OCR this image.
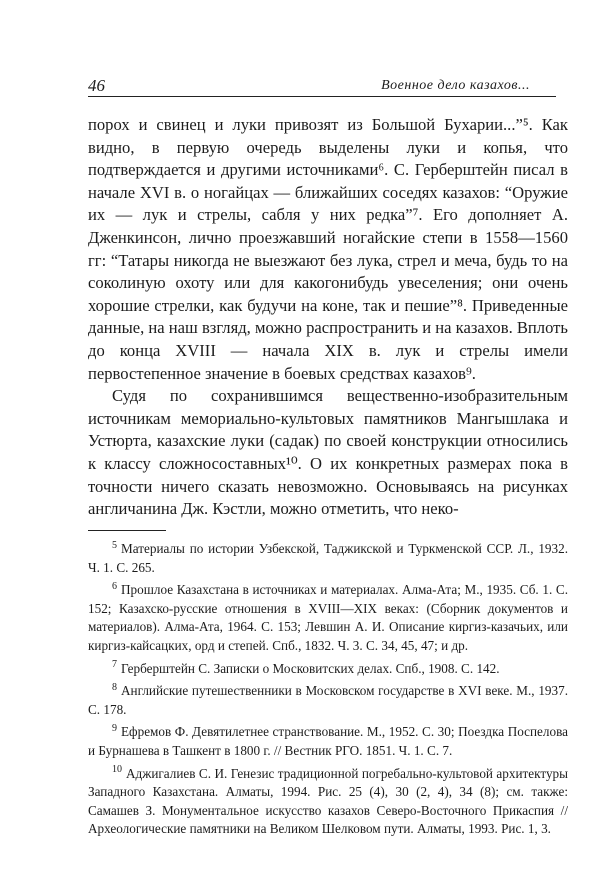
46	Военное дело казахов...

порох и свинец и луки привозят из Большой Бухарии...”⁵. Как видно, в первую очередь выделены луки и копья, что подтверждается и другими источниками⁶. С. Герберштейн писал в начале XVI в. о ногайцах — ближайших соседях казахов: “Оружие их — лук и стрелы, сабля у них редка”⁷. Его дополняет А. Дженкинсон, лично проезжавший ногайские степи в 1558—1560 гг: “Татары никогда не выезжают без лука, стрел и меча, будь то на соколиную охоту или для какогонибудь увеселения; они очень хорошие стрелки, как будучи на коне, так и пешие”⁸. Приведенные данные, на наш взгляд, можно распространить и на казахов. Вплоть до конца XVIII — начала XIX в. лук и стрелы имели первостепенное значение в боевых средствах казахов⁹.

Судя по сохранившимся вещественно-изобразительным источникам мемориально-культовых памятников Мангышлака и Устюрта, казахские луки (садак) по своей конструкции относились к классу сложносоставных¹⁰. О их конкретных размерах пока в точности ничего сказать невозможно. Основываясь на рисунках англичанина Дж. Кэстли, можно отметить, что неко-

$^5$ Материалы по истории Узбекской, Таджикской и Туркменской ССР. Л., 1932. Ч. 1. С. 265.

$^6$ Прошлое Казахстана в источниках и материалах. Алма-Ата; М., 1935. Сб. 1. С. 152; Казахско-русские отношения в XVIII—XIX веках: (Сборник документов и материалов). Алма-Ата, 1964. С. 153; Левшин А. И. Описание киргиз-казачьих, или киргиз-кайсацких, орд и степей. Спб., 1832. Ч. 3. С. 34, 45, 47; и др.

$^7$ Герберштейн С. Записки о Московитских делах. Спб., 1908. С. 142.

$^8$ Английские путешественники в Московском государстве в XVI веке. М., 1937. С. 178.

$^9$ Ефремов Ф. Девятилетнее странствование. М., 1952. С. 30; Поездка Поспелова и Бурнашева в Ташкент в 1800 г. // Вестник РГО. 1851. Ч. 1. С. 7.

$^{10}$ Аджигалиев С. И. Генезис традиционной погребально-культовой архитектуры Западного Казахстана. Алматы, 1994. Рис. 25 (4), 30 (2, 4), 34 (8); см. также: Самашев З. Монументальное искусство казахов Северо-Восточного Прикаспия // Археологические памятники на Великом Шелковом пути. Алматы, 1993. Рис. 1, 3.
